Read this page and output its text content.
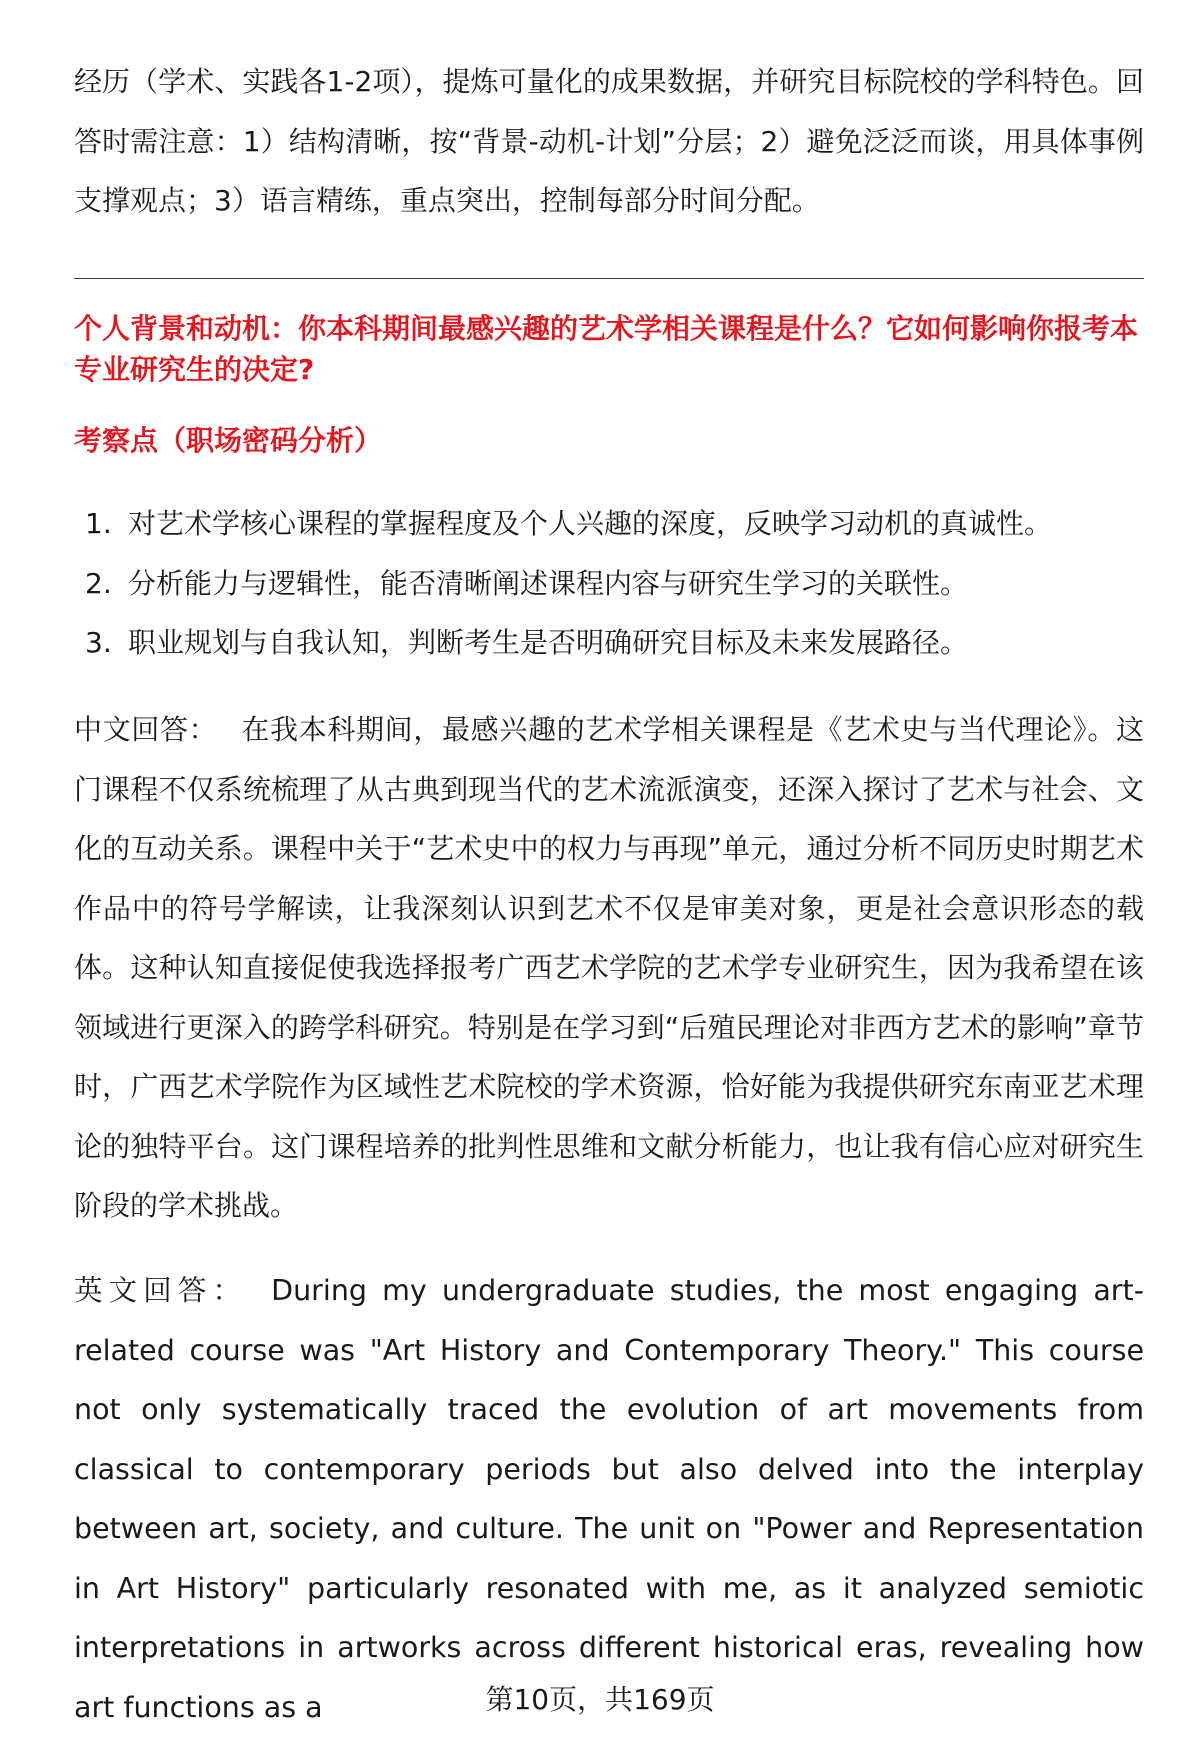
经历（学术、实践各1-2项），提炼可量化的成果数据，并研究目标院校的学科特色。回答时需注意：1）结构清晰，按“背景-动机-计划”分层；2）避免泛泛而谈，用具体事例支撑观点；3）语言精练，重点突出，控制每部分时间分配。

个人背景和动机：你本科期间最感兴趣的艺术学相关课程是什么？它如何影响你报考本专业研究生的决定?
考察点（职场密码分析）
1. 对艺术学核心课程的掌握程度及个人兴趣的深度，反映学习动机的真诚性。
2. 分析能力与逻辑性，能否清晰阐述课程内容与研究生学习的关联性。
3. 职业规划与自我认知，判断考生是否明确研究目标及未来发展路径。

中文回答： 在我本科期间，最感兴趣的艺术学相关课程是《艺术史与当代理论》。这门课程不仅系统梳理了从古典到现当代的艺术流派演变，还深入探讨了艺术与社会、文化的互动关系。课程中关于“艺术史中的权力与再现”单元，通过分析不同历史时期艺术作品中的符号学解读，让我深刻认识到艺术不仅是审美对象，更是社会意识形态的载体。这种认知直接促使我选择报考广西艺术学院的艺术学专业研究生，因为我希望在该领域进行更深入的跨学科研究。特别是在学习到“后殖民理论对非西方艺术的影响”章节时，广西艺术学院作为区域性艺术院校的学术资源，恰好能为我提供研究东南亚艺术理论的独特平台。这门课程培养的批判性思维和文献分析能力，也让我有信心应对研究生阶段的学术挑战。

英文回答： During my undergraduate studies, the most engaging art-related course was "Art History and Contemporary Theory." This course not only systematically traced the evolution of art movements from classical to contemporary periods but also delved into the interplay between art, society, and culture. The unit on "Power and Representation in Art History" particularly resonated with me, as it analyzed semiotic interpretations in artworks across different historical eras, revealing how art functions as a	第10页，共169页
